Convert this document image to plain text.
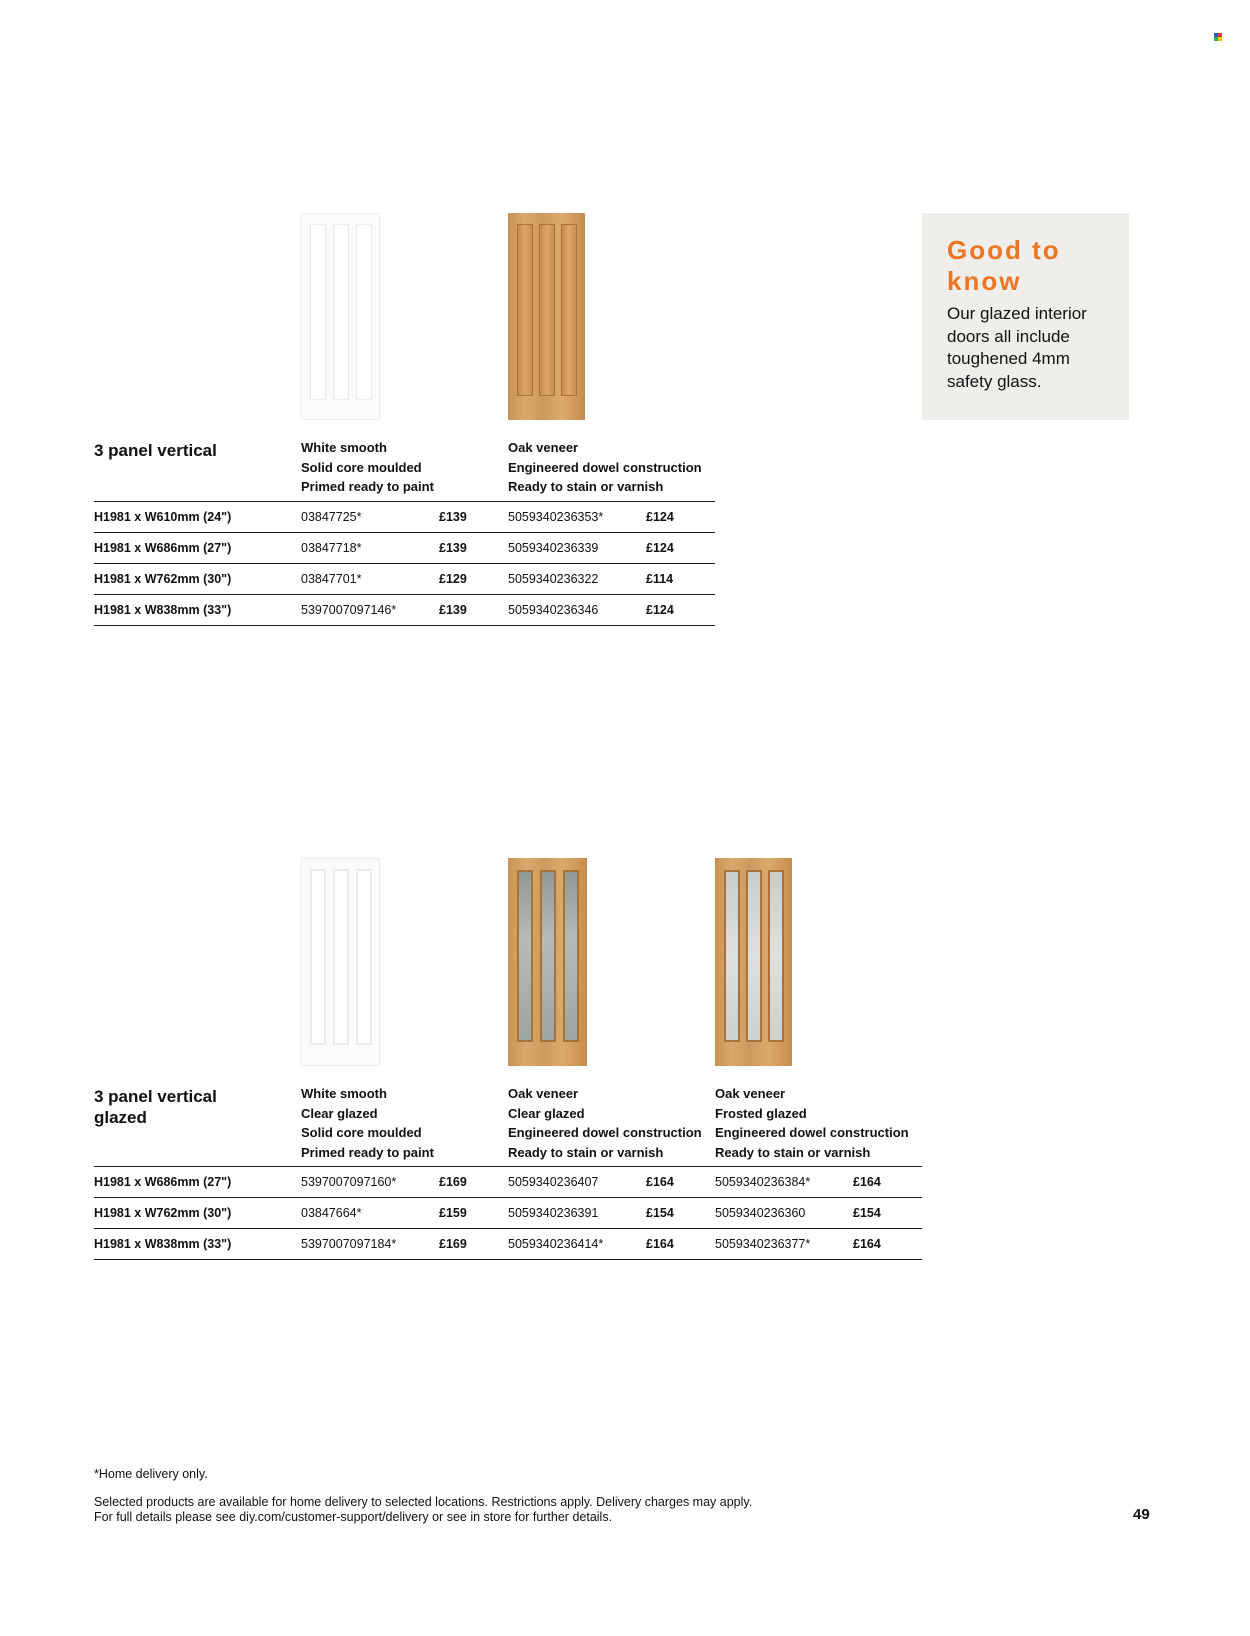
3 panel vertical	White smooth
Solid core moulded
Primed ready to paint
Oak veneer
Engineered dowel construction
Ready to stain or varnish
H1981 x W610mm (24")	03847725*	£139	5059340236353*	£124
H1981 x W686mm (27")	03847718*	£139	5059340236339	£124
H1981 x W762mm (30")	03847701*	£129	5059340236322	£114
H1981 x W838mm (33")	5397007097146*	£139	5059340236346	£124
Good to
know
Our glazed interior doors all include toughened 4mm safety glass.
3 panel vertical
glazed
White smooth
Clear glazed
Solid core moulded
Primed ready to paint
Oak veneer
Clear glazed
Engineered dowel construction
Ready to stain or varnish
Oak veneer
Frosted glazed
Engineered dowel construction
Ready to stain or varnish
H1981 x W686mm (27")	5397007097160*	£169	5059340236407	£164	5059340236384*	£164
H1981 x W762mm (30")	03847664*	£159	5059340236391	£154	5059340236360	£154
H1981 x W838mm (33")	5397007097184*	£169	5059340236414*	£164	5059340236377*	£164
*Home delivery only.
Selected products are available for home delivery to selected locations. Restrictions apply. Delivery charges may apply.
For full details please see diy.com/customer-support/delivery or see in store for further details.	49
